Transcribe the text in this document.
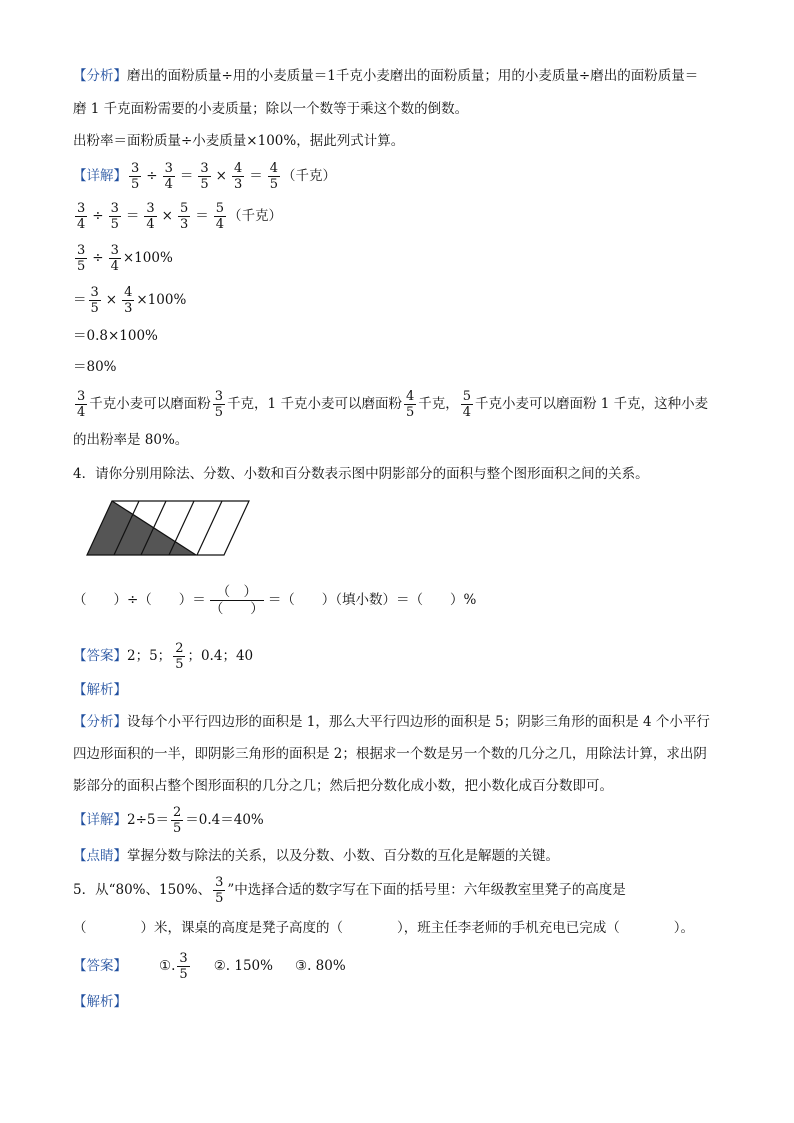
【分析】磨出的面粉质量÷用的小麦质量＝1千克小麦磨出的面粉质量；用的小麦质量÷磨出的面粉质量＝
磨 1 千克面粉需要的小麦质量；除以一个数等于乘这个数的倒数。
出粉率＝面粉质量÷小麦质量×100%，据此列式计算。
【详解】 $\frac{3}{5} \div \frac{3}{4} = \frac{3}{5} \times \frac{4}{3} = \frac{4}{5}$ （千克）
$\frac{3}{4} \div \frac{3}{5} = \frac{3}{4} \times \frac{5}{3} = \frac{5}{4}$ （千克）
$\frac{3}{5} \div \frac{3}{4} \times 100\%$
＝ $\frac{3}{5} \times \frac{4}{3} \times 100\%$
＝0.8×100%
＝80%
$\frac{3}{4}$ 千克小麦可以磨面粉 $\frac{3}{5}$ 千克，1 千克小麦可以磨面粉 $\frac{4}{5}$ 千克， $\frac{5}{4}$ 千克小麦可以磨面粉 1 千克，这种小麦
的出粉率是 80%。
4．请你分别用除法、分数、小数和百分数表示图中阴影部分的面积与整个图形面积之间的关系。
（　　）÷（　　）＝ $\frac{( )}{( )}$ ＝（　　）（填小数）＝（　　）%
【答案】2；5； $\frac{2}{5}$ ；0.4；40
【解析】
【分析】设每个小平行四边形的面积是 1，那么大平行四边形的面积是 5；阴影三角形的面积是 4 个小平行
四边形面积的一半，即阴影三角形的面积是 2；根据求一个数是另一个数的几分之几，用除法计算，求出阴
影部分的面积占整个图形面积的几分之几；然后把分数化成小数，把小数化成百分数即可。
【详解】$2\div 5= \frac{2}{5} =0.4=40\%$
【点睛】掌握分数与除法的关系，以及分数、小数、百分数的互化是解题的关键。
5．从“80%、150%、 $\frac{3}{5}$ ”中选择合适的数字写在下面的括号里：六年级教室里凳子的高度是
（　　　　）米，课桌的高度是凳子高度的（　　　　），班主任李老师的手机充电已完成（　　　　）。
【答案】 ①. $\frac{3}{5}$ ②. 150% ③. 80%
【解析】
